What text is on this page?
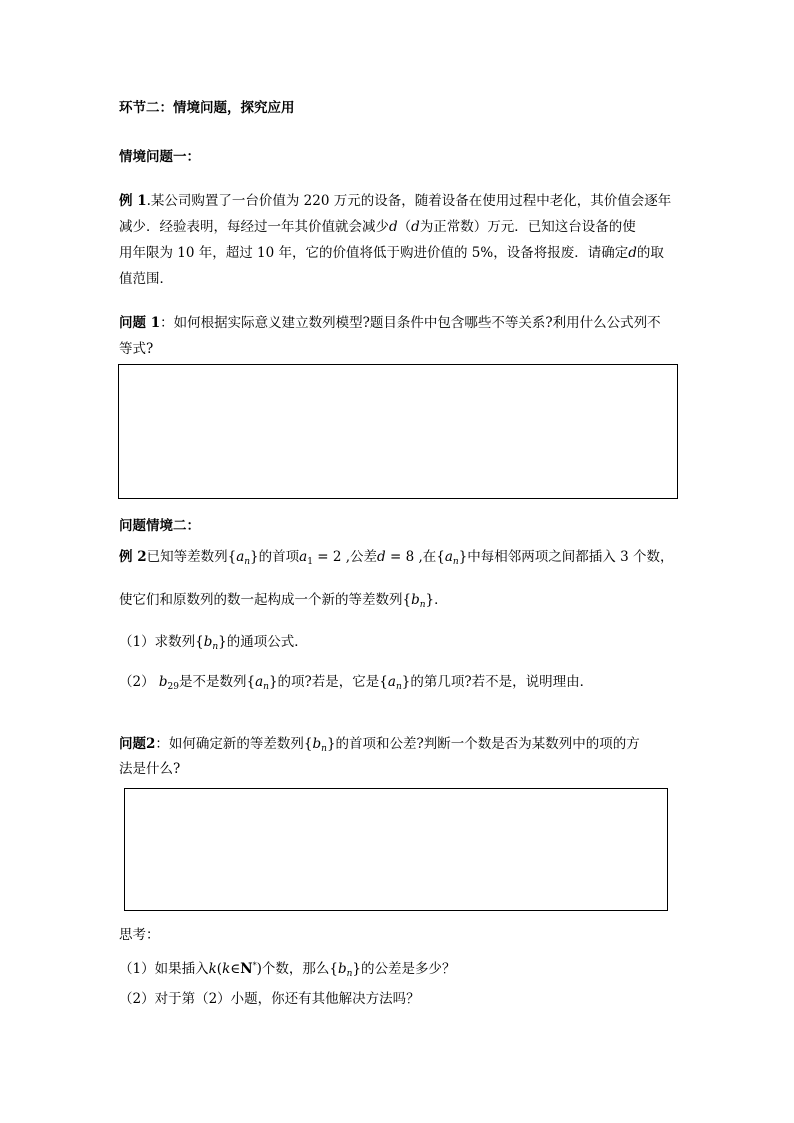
环节二：情境问题，探究应用
情境问题一：
例 1.某公司购置了一台价值为 220 万元的设备，随着设备在使用过程中老化，其价值会逐年
减少．经验表明，每经过一年其价值就会减少d（d为正常数）万元．已知这台设备的使
用年限为 10 年，超过 10 年，它的价值将低于购进价值的 5%，设备将报废．请确定d的取
值范围．
问题 1：如何根据实际意义建立数列模型?题目条件中包含哪些不等关系?利用什么公式列不
等式?
问题情境二：
例 2已知等差数列$\{a_n\}$的首项$a_1 = 2$ ,公差d = 8 ,在$\{a_n\}$中每相邻两项之间都插入 3 个数，
使它们和原数列的数一起构成一个新的等差数列$\{b_n\}$．
（1）求数列$\{b_n\}$的通项公式．
（2） $b_{29}$是不是数列$\{a_n\}$的项?若是，它是$\{a_n\}$的第几项?若不是，说明理由．
问题2：如何确定新的等差数列$\{b_n\}$的首项和公差?判断一个数是否为某数列中的项的方
法是什么?
思考：
（1）如果插入k(k∈N*)个数，那么$\{b_n\}$的公差是多少？
（2）对于第（2）小题，你还有其他解决方法吗？
